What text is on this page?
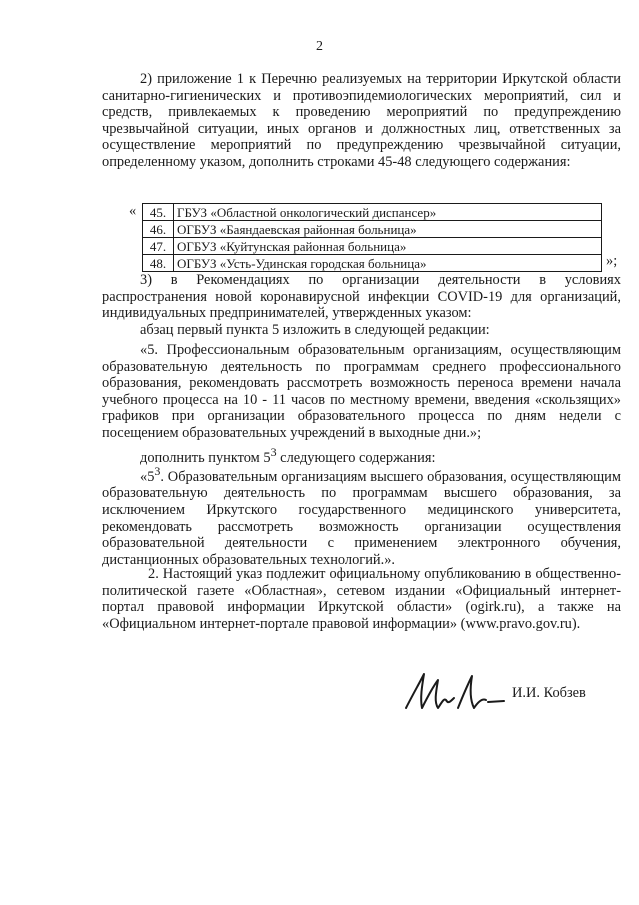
2

2) приложение 1 к Перечню реализуемых на территории Иркутской области санитарно-гигиенических и противоэпидемиологических мероприятий, сил и средств, привлекаемых к проведению мероприятий по предупреждению чрезвычайной ситуации, иных органов и должностных лиц, ответственных за осуществление мероприятий по предупреждению чрезвычайной ситуации, определенному указом, дополнить строками 45-48 следующего содержания:

« 45.	ГБУЗ «Областной онкологический диспансер»
46.	ОГБУЗ «Баяндаевская районная больница»
47.	ОГБУЗ «Куйтунская районная больница»
48.	ОГБУЗ «Усть-Удинская городская больница»	»;

3) в Рекомендациях по организации деятельности в условиях распространения новой коронавирусной инфекции COVID-19 для организаций, индивидуальных предпринимателей, утвержденных указом:

абзац первый пункта 5 изложить в следующей редакции:

«5. Профессиональным образовательным организациям, осуществляющим образовательную деятельность по программам среднего профессионального образования, рекомендовать рассмотреть возможность переноса времени начала учебного процесса на 10 - 11 часов по местному времени, введения «скользящих» графиков при организации образовательного процесса по дням недели с посещением образовательных учреждений в выходные дни.»;

дополнить пунктом $5^3$ следующего содержания:

«$5^3$. Образовательным организациям высшего образования, осуществляющим образовательную деятельность по программам высшего образования, за исключением Иркутского государственного медицинского университета, рекомендовать рассмотреть возможность организации осуществления образовательной деятельности с применением электронного обучения, дистанционных образовательных технологий.».

2. Настоящий указ подлежит официальному опубликованию в общественно-политической газете «Областная», сетевом издании «Официальный интернет-портал правовой информации Иркутской области» (ogirk.ru), а также на «Официальном интернет-портале правовой информации» (www.pravo.gov.ru).

И.И. Кобзев
